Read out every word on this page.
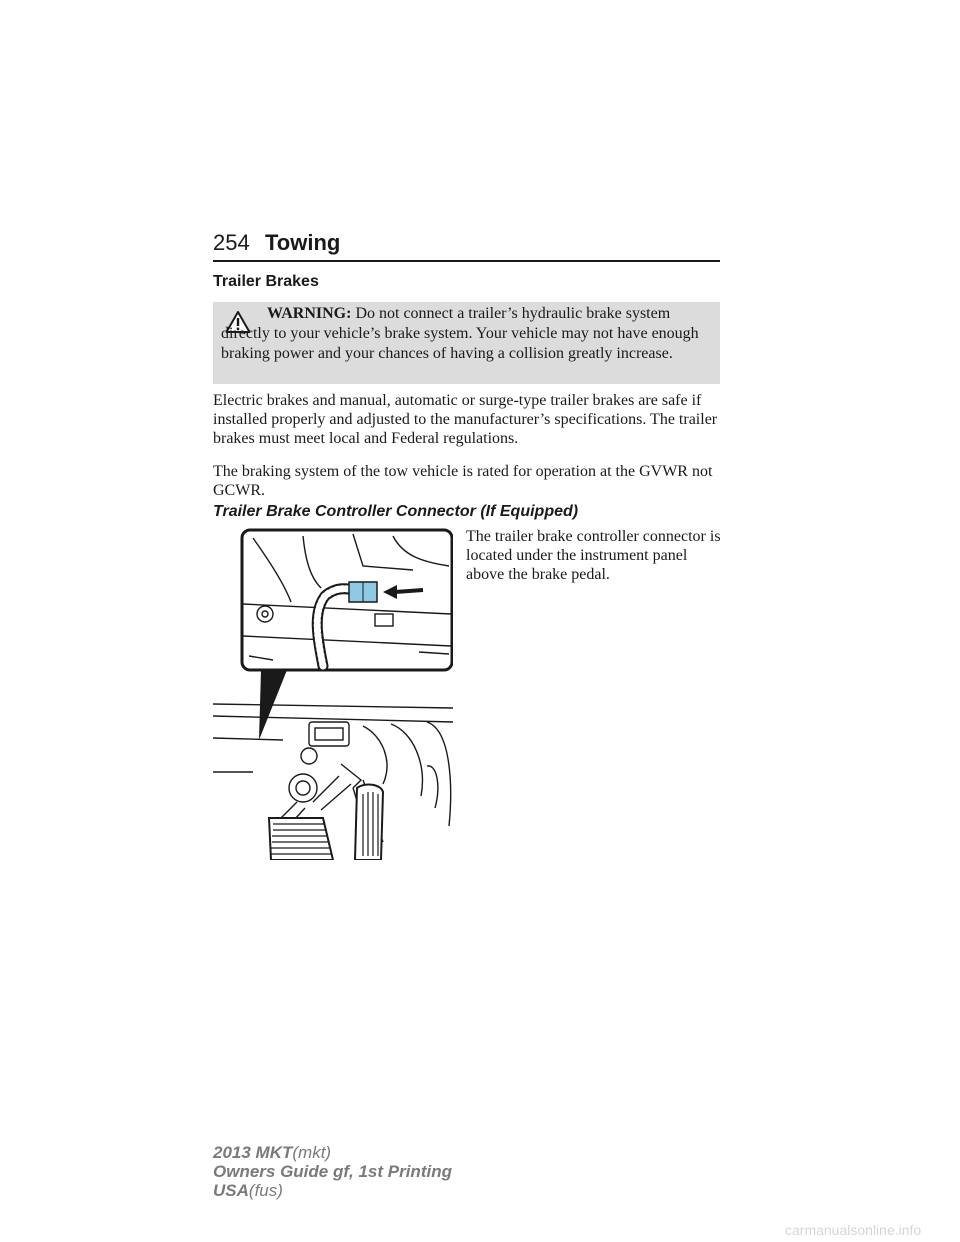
254 Towing
Trailer Brakes
WARNING: Do not connect a trailer’s hydraulic brake system directly to your vehicle’s brake system. Your vehicle may not have enough braking power and your chances of having a collision greatly increase.

Electric brakes and manual, automatic or surge-type trailer brakes are safe if installed properly and adjusted to the manufacturer’s specifications. The trailer brakes must meet local and Federal regulations.

The braking system of the tow vehicle is rated for operation at the GVWR not GCWR.

Trailer Brake Controller Connector (If Equipped)
The trailer brake controller connector is located under the instrument panel above the brake pedal.
2013 MKT(mkt)
Owners Guide gf, 1st Printing
USA(fus)
carmanualsonline.info
